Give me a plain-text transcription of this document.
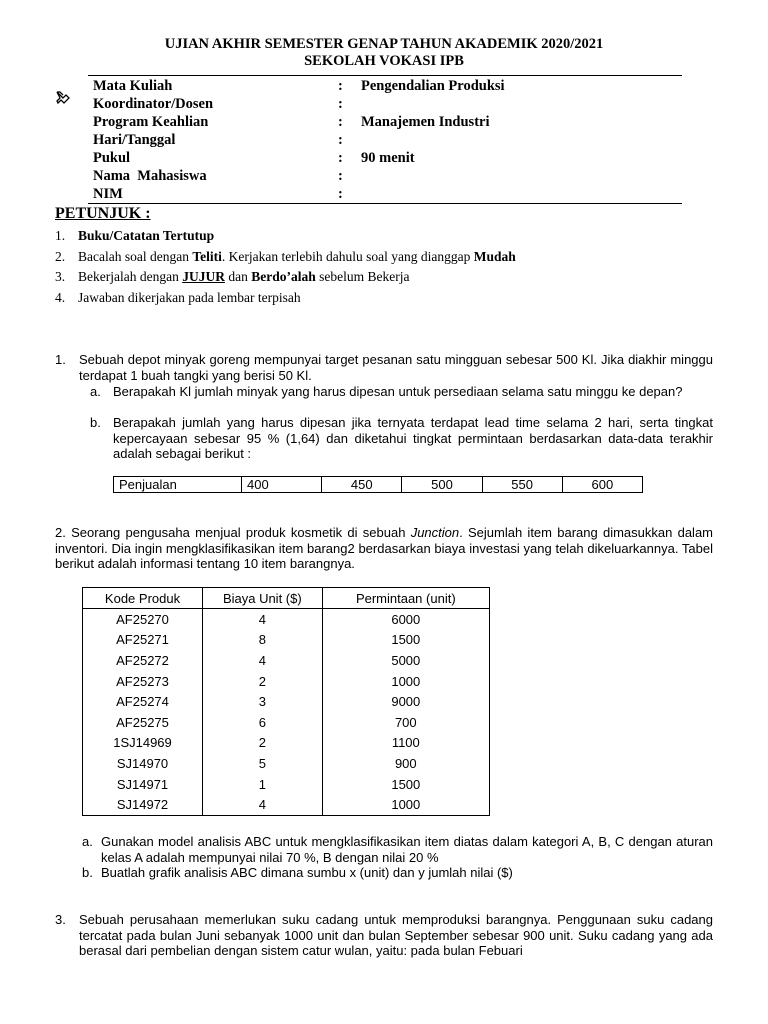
UJIAN AKHIR SEMESTER GENAP TAHUN AKADEMIK 2020/2021
SEKOLAH VOKASI IPB
Mata Kuliah	: Pengendalian Produksi
Koordinator/Dosen	:
Program Keahlian	: Manajemen Industri
Hari/Tanggal	:
Pukul	: 90 menit
Nama  Mahasiswa	:
NIM	:
PETUNJUK :
1. Buku/Catatan Tertutup
2. Bacalah soal dengan Teliti. Kerjakan terlebih dahulu soal yang dianggap Mudah
3. Bekerjalah dengan JUJUR dan Berdo’alah sebelum Bekerja
4. Jawaban dikerjakan pada lembar terpisah
1. Sebuah depot minyak goreng mempunyai target pesanan satu mingguan sebesar 500 Kl. Jika diakhir minggu terdapat 1 buah tangki yang berisi 50 Kl.
a. Berapakah Kl jumlah minyak yang harus dipesan untuk persediaan selama satu minggu ke depan?
b. Berapakah jumlah yang harus dipesan jika ternyata terdapat lead time selama 2 hari, serta tingkat kepercayaan sebesar 95 % (1,64) dan diketahui tingkat permintaan berdasarkan data-data terakhir adalah sebagai berikut :
Penjualan	400	450	500	550	600
2. Seorang pengusaha menjual produk kosmetik di sebuah Junction. Sejumlah item barang dimasukkan dalam inventori. Dia ingin mengklasifikasikan item barang2 berdasarkan biaya investasi yang telah dikeluarkannya. Tabel berikut adalah informasi tentang 10 item barangnya.
Kode Produk	Biaya Unit ($)	Permintaan (unit)
AF25270	4	6000
AF25271	8	1500
AF25272	4	5000
AF25273	2	1000
AF25274	3	9000
AF25275	6	700
1SJ14969	2	1100
SJ14970	5	900
SJ14971	1	1500
SJ14972	4	1000
a. Gunakan model analisis ABC untuk mengklasifikasikan item diatas dalam kategori A, B, C dengan aturan kelas A adalah mempunyai nilai 70 %, B dengan nilai 20 %
b. Buatlah grafik analisis ABC dimana sumbu x (unit) dan y jumlah nilai ($)
3. Sebuah perusahaan memerlukan suku cadang untuk memproduksi barangnya. Penggunaan suku cadang tercatat pada bulan Juni sebanyak 1000 unit dan bulan September sebesar 900 unit. Suku cadang yang ada berasal dari pembelian dengan sistem catur wulan, yaitu: pada bulan Febuari
